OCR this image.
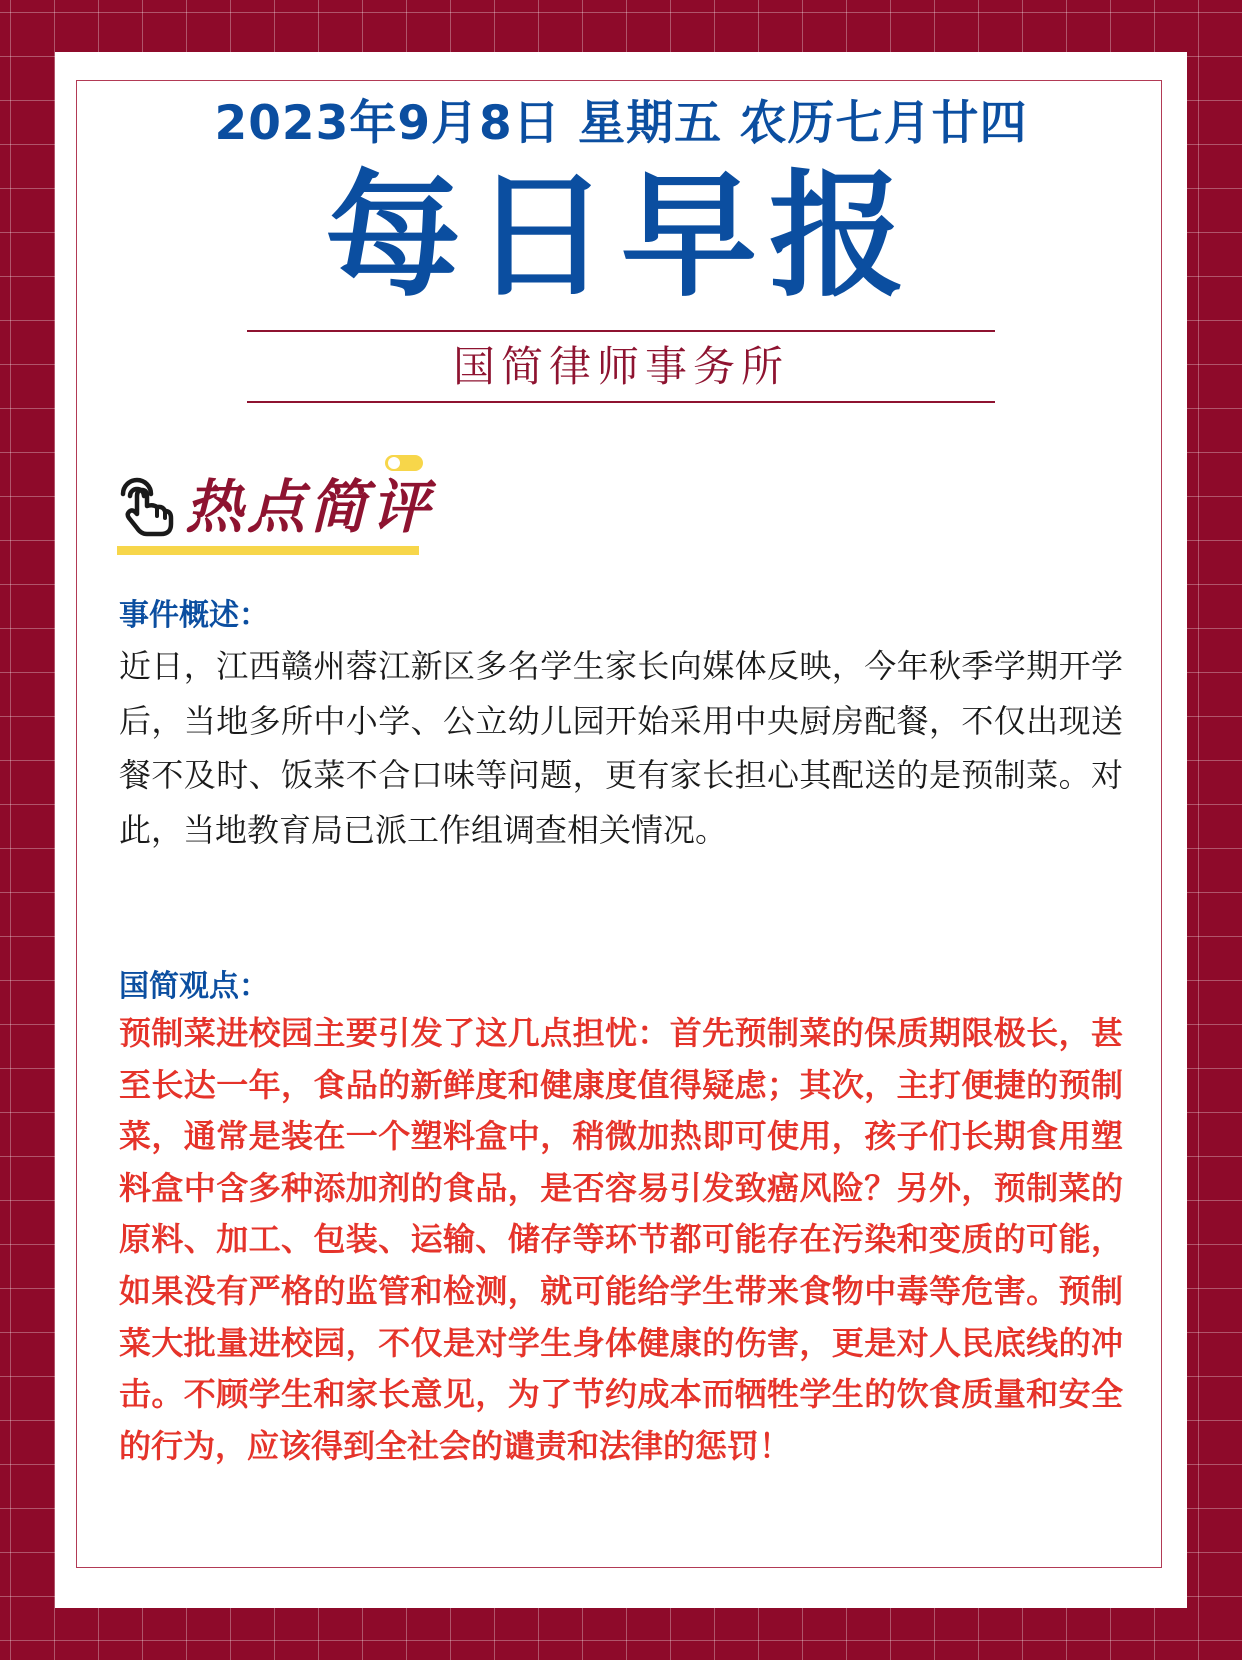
2023年9月8日 星期五 农历七月廿四
每日早报
国简律师事务所
热点简评
事件概述：

近日，江西赣州蓉江新区多名学生家长向媒体反映，今年秋季学期开学后，当地多所中小学、公立幼儿园开始采用中央厨房配餐，不仅出现送餐不及时、饭菜不合口味等问题，更有家长担心其配送的是预制菜。对此，当地教育局已派工作组调查相关情况。

国简观点：

预制菜进校园主要引发了这几点担忧：首先预制菜的保质期限极长，甚至长达一年，食品的新鲜度和健康度值得疑虑；其次，主打便捷的预制菜，通常是装在一个塑料盒中，稍微加热即可使用，孩子们长期食用塑料盒中含多种添加剂的食品，是否容易引发致癌风险？另外，预制菜的原料、加工、包装、运输、储存等环节都可能存在污染和变质的可能，如果没有严格的监管和检测，就可能给学生带来食物中毒等危害。预制菜大批量进校园，不仅是对学生身体健康的伤害，更是对人民底线的冲击。不顾学生和家长意见，为了节约成本而牺牲学生的饮食质量和安全的行为，应该得到全社会的谴责和法律的惩罚！
